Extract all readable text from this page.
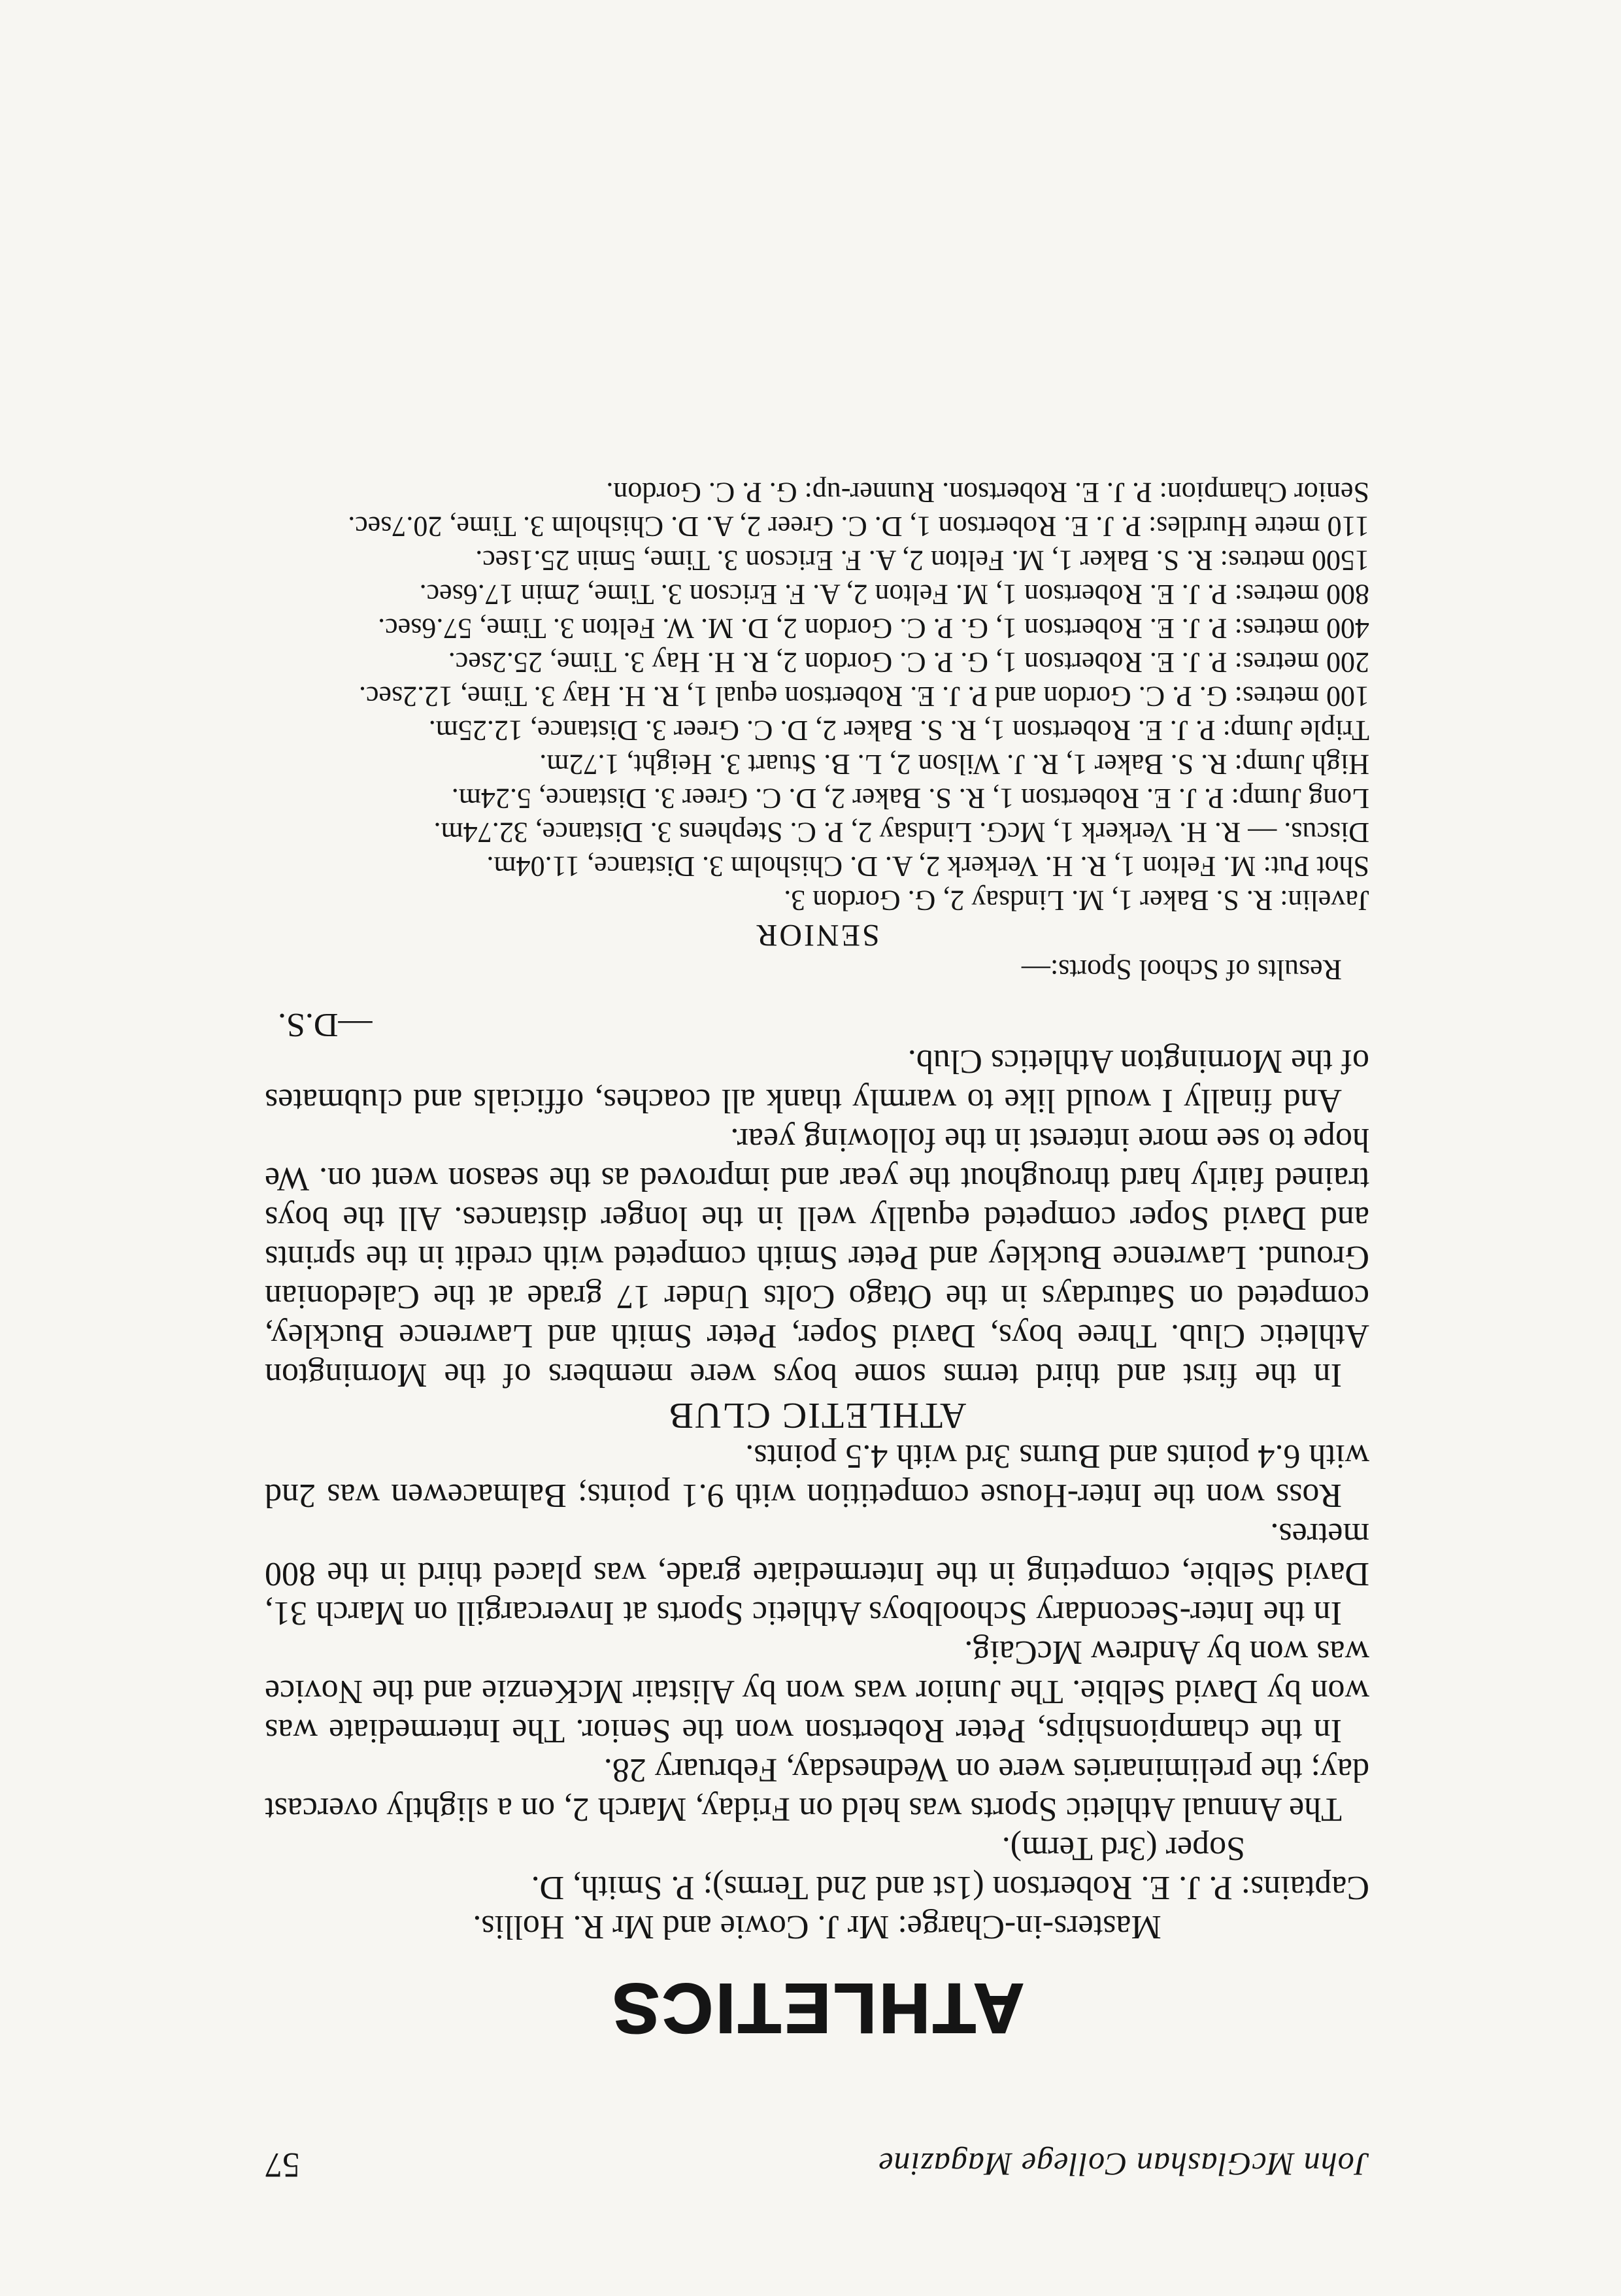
John McGlashan College Magazine
57
ATHLETICS

Masters-in-Charge: Mr J. Cowie and Mr R. Hollis.

Captains: P. J. E. Robertson (1st and 2nd Terms); P. Smith, D.

Soper (3rd Term).

The Annual Athletic Sports was held on Friday, March 2, on a slightly overcast day; the preliminaries were on Wednesday, February 28.

In the championships, Peter Robertson won the Senior. The Intermediate was won by David Selbie. The Junior was won by Alistair McKenzie and the Novice was won by Andrew McCaig.

In the Inter-Secondary Schoolboys Athletic Sports at Invercargill on March 31, David Selbie, competing in the Intermediate grade, was placed third in the 800 metres.

Ross won the Inter-House competition with 9.1 points; Balmacewen was 2nd with 6.4 points and Burns 3rd with 4.5 points.

ATHLETIC CLUB

In the first and third terms some boys were members of the Mornington Athletic Club. Three boys, David Soper, Peter Smith and Lawrence Buckley, competed on Saturdays in the Otago Colts Under 17 grade at the Caledonian Ground. Lawrence Buckley and Peter Smith competed with credit in the sprints and David Soper competed equally well in the longer distances. All the boys trained fairly hard throughout the year and improved as the season went on. We hope to see more interest in the following year.

And finally I would like to warmly thank all coaches, officials and clubmates of the Mornington Athletics Club.

—D.S.

Results of School Sports:—

SENIOR

Javelin: R. S. Baker 1, M. Lindsay 2, G. Gordon 3.

Shot Put: M. Felton 1, R. H. Verkerk 2, A. D. Chisholm 3. Distance, 11.04m.

Discus. — R. H. Verkerk 1, McG. Lindsay 2, P. C. Stephens 3. Distance, 32.74m.

Long Jump: P. J. E. Robertson 1, R. S. Baker 2, D. C. Greer 3. Distance, 5.24m.

High Jump: R. S. Baker 1, R. J. Wilson 2, L. B. Stuart 3. Height, 1.72m.

Triple Jump: P. J. E. Robertson 1, R. S. Baker 2, D. C. Greer 3. Distance, 12.25m.

100 metres: G. P. C. Gordon and P. J. E. Robertson equal 1, R. H. Hay 3. Time, 12.2sec.

200 metres: P. J. E. Robertson 1, G. P. C. Gordon 2, R. H. Hay 3. Time, 25.2sec.

400 metres: P. J. E. Robertson 1, G. P. C. Gordon 2, D. M. W. Felton 3. Time, 57.6sec.

800 metres: P. J. E. Robertson 1, M. Felton 2, A. F. Ericson 3. Time, 2min 17.6sec.

1500 metres: R. S. Baker 1, M. Felton 2, A. F. Ericson 3. Time, 5min 25.1sec.

110 metre Hurdles: P. J. E. Robertson 1, D. C. Greer 2, A. D. Chisholm 3. Time, 20.7sec.

Senior Champion: P. J. E. Robertson. Runner-up: G. P. C. Gordon.
